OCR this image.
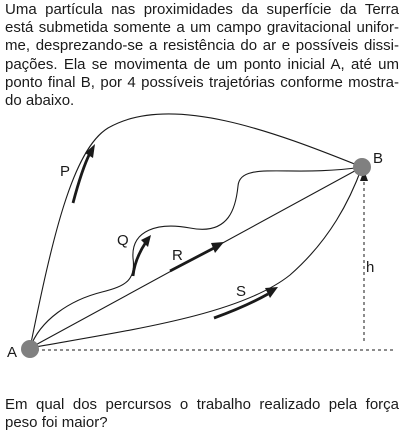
Uma partícula nas proximidades da superfície da Terra
está submetida somente a um campo gravitacional unifor-
me, desprezando-se a resistência do ar e possíveis dissi-
pações. Ela se movimenta de um ponto inicial A, até um
ponto final B, por 4 possíveis trajetórias conforme mostra-
do abaixo.
A
B
h
P
Q
R
S
Em qual dos percursos o trabalho realizado pela força
peso foi maior?
